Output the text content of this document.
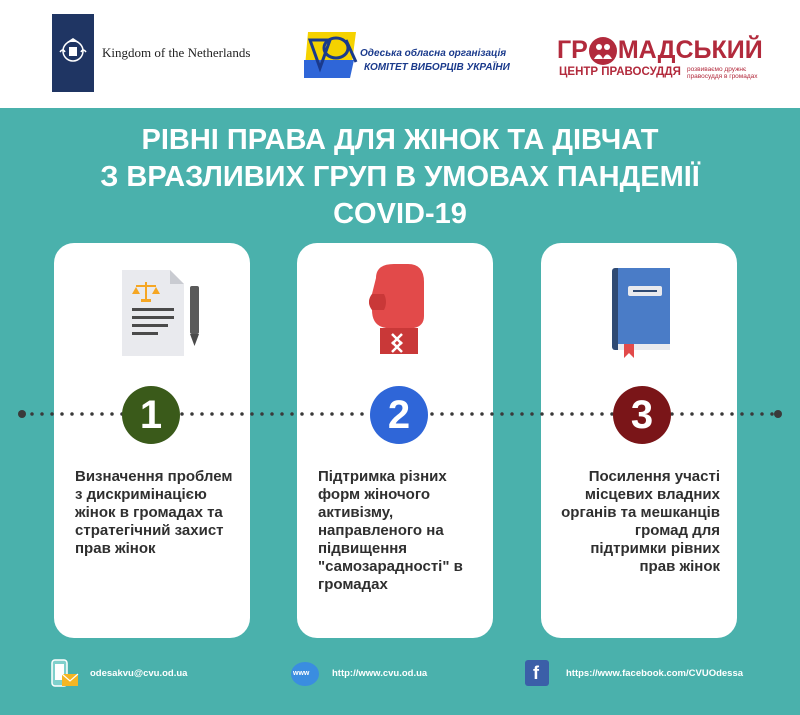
Kingdom of the Netherlands	Одеська обласна організація
КОМІТЕТ ВИБОРЦІВ УКРАЇНИ
ГР МАДСЬКИЙ
ЦЕНТР ПРАВОСУДДЯ розвиваємо дружнє правосуддя в громадах
РІВНІ ПРАВА ДЛЯ ЖІНОК ТА ДІВЧАТ
З ВРАЗЛИВИХ ГРУП В УМОВАХ ПАНДЕМІЇ
COVID-19
1	2	3
Визначення проблем з дискримінацією жінок в громадах та стратегічний захист прав жінок
Підтримка різних форм жіночого активізму, направленого на підвищення "самозарадності" в громадах
Посилення участі місцевих владних органів та мешканців громад для підтримки рівних прав жінок
odesakvu@cvu.od.ua	www http://www.cvu.od.ua	f	https://www.facebook.com/CVUOdessa
